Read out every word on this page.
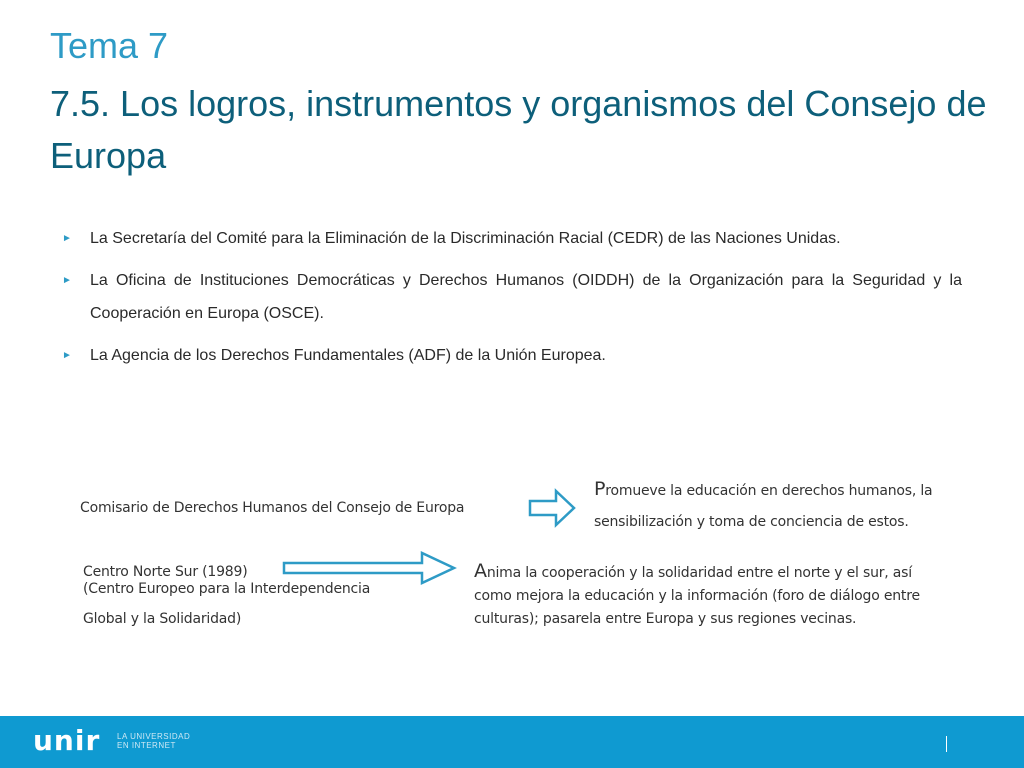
Tema 7
7.5. Los logros, instrumentos y organismos del Consejo de Europa
► La Secretaría del Comité para la Eliminación de la Discriminación Racial (CEDR) de las Naciones Unidas.
► La Oficina de Instituciones Democráticas y Derechos Humanos (OIDDH) de la Organización para la Seguridad y la Cooperación en Europa (OSCE).
► La Agencia de los Derechos Fundamentales (ADF) de la Unión Europea.
Comisario de Derechos Humanos del Consejo de Europa
Promueve la educación en derechos humanos, la
sensibilización y toma de conciencia de estos.
Centro Norte Sur (1989)
(Centro Europeo para la Interdependencia
Global y la Solidaridad)
Anima la cooperación y la solidaridad entre el norte y el sur, así
como mejora la educación y la información (foro de diálogo entre
culturas); pasarela entre Europa y sus regiones vecinas.
unir LA UNIVERSIDAD
EN INTERNET
